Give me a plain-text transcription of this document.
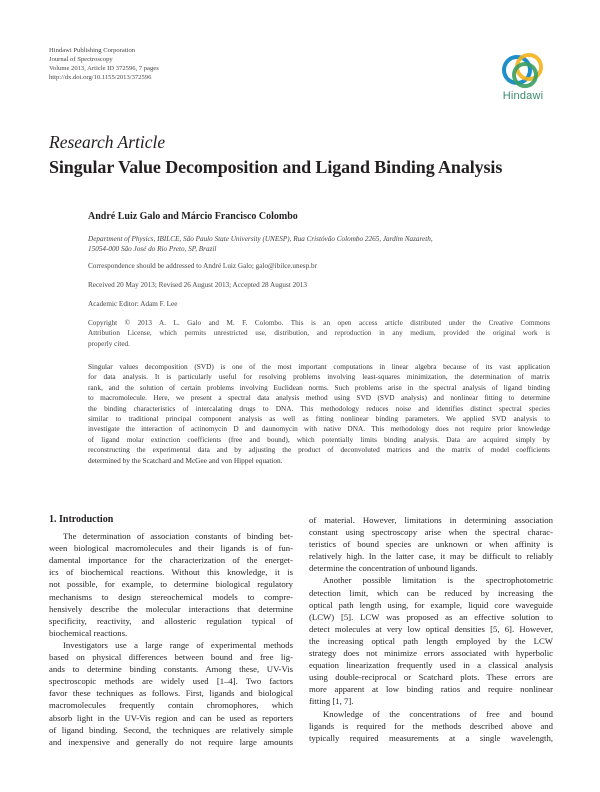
Hindawi Publishing Corporation
Journal of Spectroscopy
Volume 2013, Article ID 372596, 7 pages
http://dx.doi.org/10.1155/2013/372596
Hindawi
Research Article
Singular Value Decomposition and Ligand Binding Analysis
André Luiz Galo and Márcio Francisco Colombo
Department of Physics, IBILCE, São Paulo State University (UNESP), Rua Cristóvão Colombo 2265, Jardim Nazareth,
15054-000 São José do Rio Preto, SP, Brazil
Correspondence should be addressed to André Luiz Galo; galo@ibilce.unesp.br
Received 20 May 2013; Revised 26 August 2013; Accepted 28 August 2013
Academic Editor: Adam F. Lee
Copyright © 2013 A. L. Galo and M. F. Colombo. This is an open access article distributed under the Creative Commons
Attribution License, which permits unrestricted use, distribution, and reproduction in any medium, provided the original work is
properly cited.
Singular values decomposition (SVD) is one of the most important computations in linear algebra because of its vast application
for data analysis. It is particularly useful for resolving problems involving least-squares minimization, the determination of matrix
rank, and the solution of certain problems involving Euclidean norms. Such problems arise in the spectral analysis of ligand binding
to macromolecule. Here, we present a spectral data analysis method using SVD (SVD analysis) and nonlinear fitting to determine
the binding characteristics of intercalating drugs to DNA. This methodology reduces noise and identifies distinct spectral species
similar to traditional principal component analysis as well as fitting nonlinear binding parameters. We applied SVD analysis to
investigate the interaction of actinomycin D and daunomycin with native DNA. This methodology does not require prior knowledge
of ligand molar extinction coefficients (free and bound), which potentially limits binding analysis. Data are acquired simply by
reconstructing the experimental data and by adjusting the product of deconvoluted matrices and the matrix of model coefficients
determined by the Scatchard and McGee and von Hippel equation.
1. Introduction
The determination of association constants of binding bet-
ween biological macromolecules and their ligands is of fun-
damental importance for the characterization of the energet-
ics of biochemical reactions. Without this knowledge, it is
not possible, for example, to determine biological regulatory
mechanisms to design stereochemical models to compre-
hensively describe the molecular interactions that determine
specificity, reactivity, and allosteric regulation typical of
biochemical reactions.
Investigators use a large range of experimental methods
based on physical differences between bound and free lig-
ands to determine binding constants. Among these, UV-Vis
spectroscopic methods are widely used [1–4]. Two factors
favor these techniques as follows. First, ligands and biological
macromolecules frequently contain chromophores, which
absorb light in the UV-Vis region and can be used as reporters
of ligand binding. Second, the techniques are relatively simple
and inexpensive and generally do not require large amounts
of material. However, limitations in determining association
constant using spectroscopy arise when the spectral charac-
teristics of bound species are unknown or when affinity is
relatively high. In the latter case, it may be difficult to reliably
determine the concentration of unbound ligands.
Another possible limitation is the spectrophotometric
detection limit, which can be reduced by increasing the
optical path length using, for example, liquid core waveguide
(LCW) [5]. LCW was proposed as an effective solution to
detect molecules at very low optical densities [5, 6]. However,
the increasing optical path length employed by the LCW
strategy does not minimize errors associated with hyperbolic
equation linearization frequently used in a classical analysis
using double-reciprocal or Scatchard plots. These errors are
more apparent at low binding ratios and require nonlinear
fitting [1, 7].
Knowledge of the concentrations of free and bound
ligands is required for the methods described above and
typically required measurements at a single wavelength,
